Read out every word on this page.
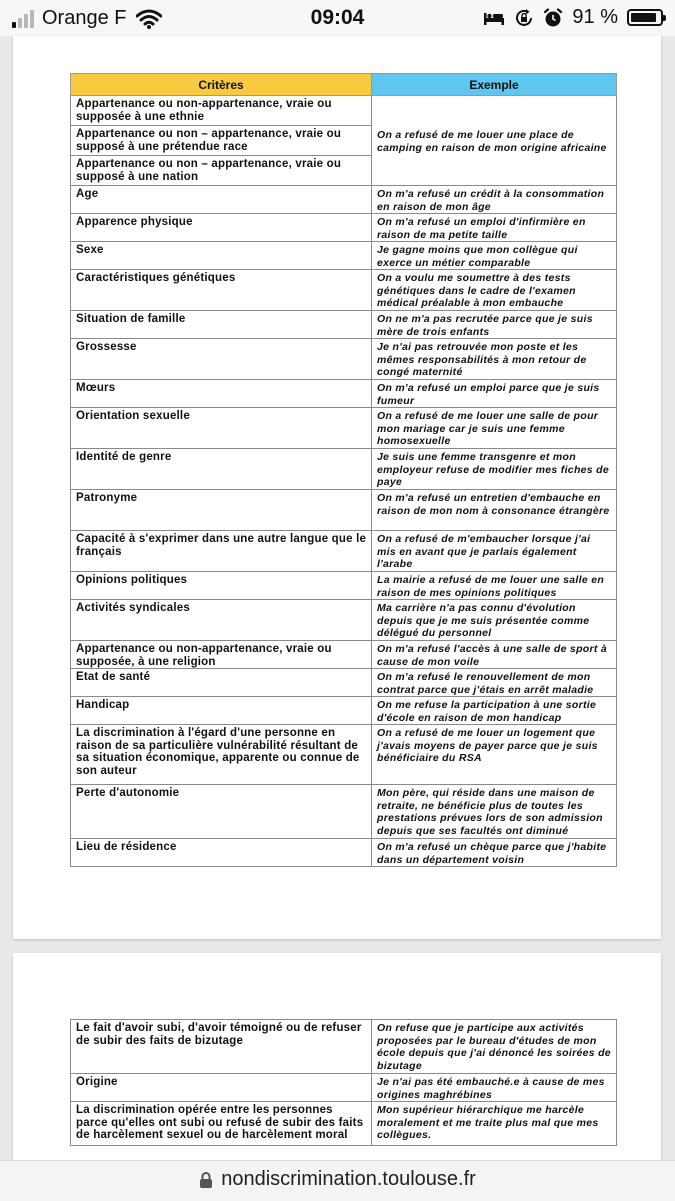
Orange F	09:04	91 %
Critères	Exemple
Appartenance ou non-appartenance, vraie ou supposée à une ethnie	On a refusé de me louer une place de camping en raison de mon origine africaine
Appartenance ou non – appartenance, vraie ou supposé à une prétendue race	
Appartenance ou non – appartenance, vraie ou supposé à une nation	
Age	On m'a refusé un crédit à la consommation en raison de mon âge
Apparence physique	On m'a refusé un emploi d'infirmière en raison de ma petite taille
Sexe	Je gagne moins que mon collègue qui exerce un métier comparable
Caractéristiques génétiques	On a voulu me soumettre à des tests génétiques dans le cadre de l'examen médical préalable à mon embauche
Situation de famille	On ne m'a pas recrutée parce que je suis mère de trois enfants
Grossesse	Je n'ai pas retrouvée mon poste et les mêmes responsabilités à mon retour de congé maternité
Mœurs	On m'a refusé un emploi parce que je suis fumeur
Orientation sexuelle	On a refusé de me louer une salle de pour mon mariage car je suis une femme homosexuelle
Identité de genre	Je suis une femme transgenre et mon employeur refuse de modifier mes fiches de paye
Patronyme	On m'a refusé un entretien d'embauche en raison de mon nom à consonance étrangère
Capacité à s'exprimer dans une autre langue que le français	On a refusé de m'embaucher lorsque j'ai mis en avant que je parlais également l'arabe
Opinions politiques	La mairie a refusé de me louer une salle en raison de mes opinions politiques
Activités syndicales	Ma carrière n'a pas connu d'évolution depuis que je me suis présentée comme délégué du personnel
Appartenance ou non-appartenance, vraie ou supposée, à une religion	On m'a refusé l'accès à une salle de sport à cause de mon voile
Etat de santé	On m'a refusé le renouvellement de mon contrat parce que j'étais en arrêt maladie
Handicap	On me refuse la participation à une sortie d'école en raison de mon handicap
La discrimination à l'égard d'une personne en raison de sa particulière vulnérabilité résultant de sa situation économique, apparente ou connue de son auteur	On a refusé de me louer un logement que j'avais moyens de payer parce que je suis bénéficiaire du RSA
Perte d'autonomie	Mon père, qui réside dans une maison de retraite, ne bénéficie plus de toutes les prestations prévues lors de son admission depuis que ses facultés ont diminué
Lieu de résidence	On m'a refusé un chèque parce que j'habite dans un département voisin
Le fait d'avoir subi, d'avoir témoigné ou de refuser de subir des faits de bizutage	On refuse que je participe aux activités proposées par le bureau d'études de mon école depuis que j'ai dénoncé les soirées de bizutage
Origine	Je n'ai pas été embauché.e à cause de mes origines maghrébines
La discrimination opérée entre les personnes parce qu'elles ont subi ou refusé de subir des faits de harcèlement sexuel ou de harcèlement moral	Mon supérieur hiérarchique me harcèle moralement et me traite plus mal que mes collègues.
nondiscrimination.toulouse.fr
